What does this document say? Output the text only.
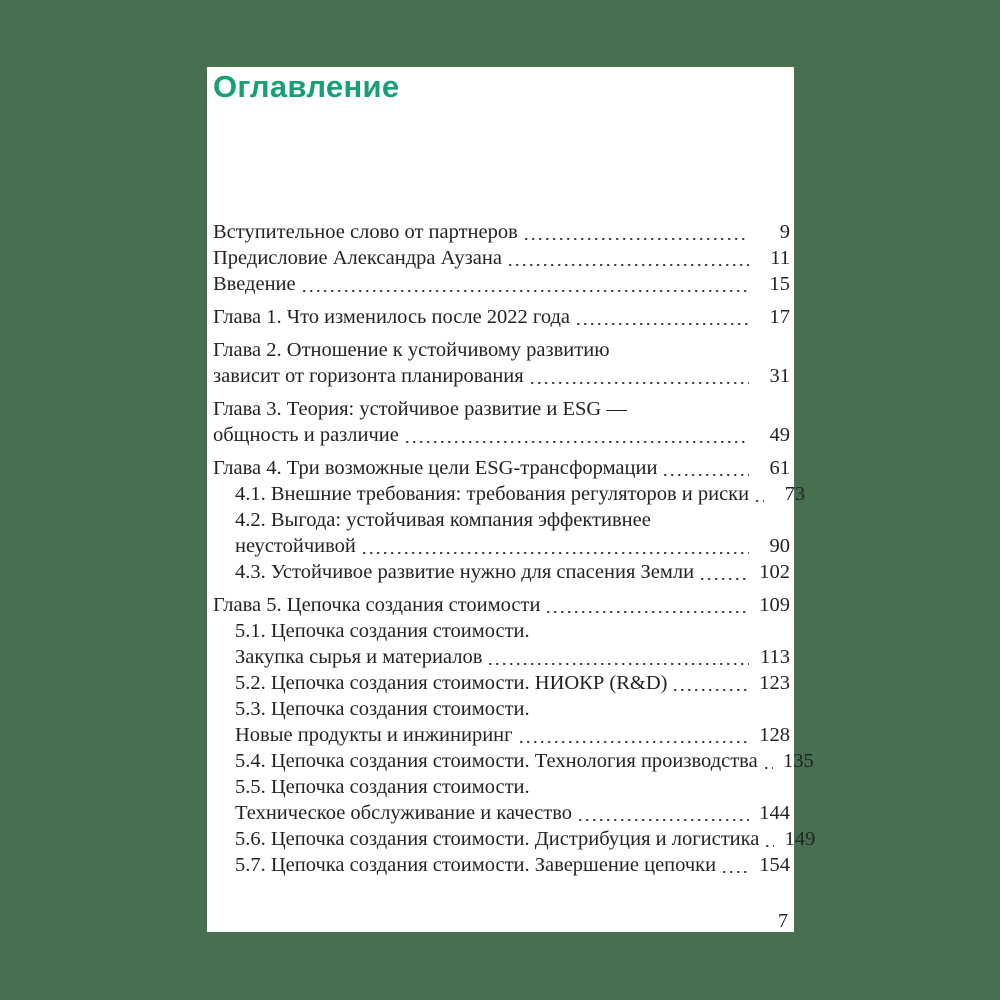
Оглавление
Вступительное слово от партнеров	9
Предисловие Александра Аузана	11
Введение	15
Глава 1. Что изменилось после 2022 года	17
Глава 2. Отношение к устойчивому развитию
зависит от горизонта планирования	31
Глава 3. Теория: устойчивое развитие и ESG —
общность и различие	49
Глава 4. Три возможные цели ESG-трансформации	61
4.1. Внешние требования: требования регуляторов и риски	73
4.2. Выгода: устойчивая компания эффективнее
неустойчивой	90
4.3. Устойчивое развитие нужно для спасения Земли	102
Глава 5. Цепочка создания стоимости	109
5.1. Цепочка создания стоимости.
Закупка сырья и материалов	113
5.2. Цепочка создания стоимости. НИОКР (R&D)	123
5.3. Цепочка создания стоимости.
Новые продукты и инжиниринг	128
5.4. Цепочка создания стоимости. Технология производства 135
5.5. Цепочка создания стоимости.
Техническое обслуживание и качество	144
5.6. Цепочка создания стоимости. Дистрибуция и логистика 149
5.7. Цепочка создания стоимости. Завершение цепочки 154
7
